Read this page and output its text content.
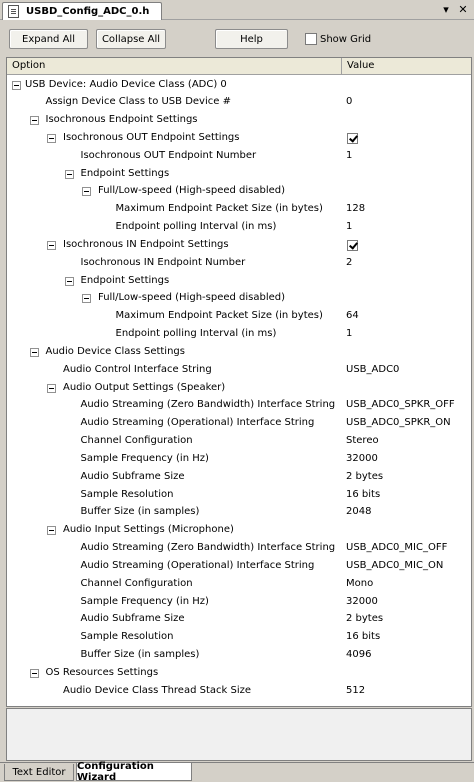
USBD_Config_ADC_0.h	▾ ✕
Expand All	Collapse All	Help	Show Grid
Option	Value
USB Device: Audio Device Class (ADC) 0
Assign Device Class to USB Device #	0
Isochronous Endpoint Settings
Isochronous OUT Endpoint Settings
Isochronous OUT Endpoint Number	1
Endpoint Settings
Full/Low-speed (High-speed disabled)
Maximum Endpoint Packet Size (in bytes) 128
Endpoint polling Interval (in ms)	1
Isochronous IN Endpoint Settings
Isochronous IN Endpoint Number	2
Endpoint Settings
Full/Low-speed (High-speed disabled)
Maximum Endpoint Packet Size (in bytes) 64
Endpoint polling Interval (in ms)	1
Audio Device Class Settings
Audio Control Interface String	USB_ADC0
Audio Output Settings (Speaker)
Audio Streaming (Zero Bandwidth) Interface String USB_ADC0_SPKR_OFF
Audio Streaming (Operational) Interface String	USB_ADC0_SPKR_ON
Channel Configuration	Stereo
Sample Frequency (in Hz)	32000
Audio Subframe Size	2 bytes
Sample Resolution	16 bits
Buffer Size (in samples)	2048
Audio Input Settings (Microphone)
Audio Streaming (Zero Bandwidth) Interface String USB_ADC0_MIC_OFF
Audio Streaming (Operational) Interface String	USB_ADC0_MIC_ON
Channel Configuration	Mono
Sample Frequency (in Hz)	32000
Audio Subframe Size	2 bytes
Sample Resolution	16 bits
Buffer Size (in samples)	4096
OS Resources Settings
Audio Device Class Thread Stack Size	512
Text Editor
Configuration Wizard
